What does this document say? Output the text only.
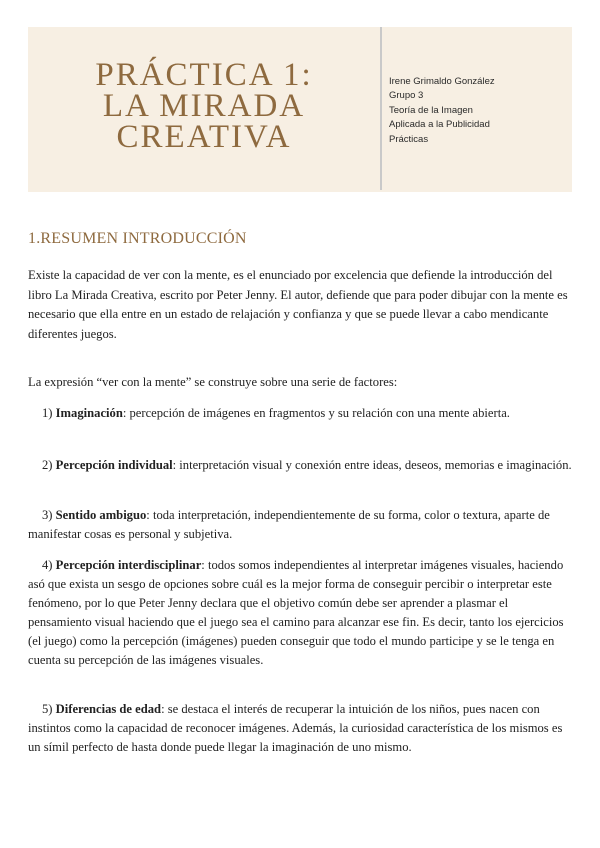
PRÁCTICA 1:
LA MIRADA
CREATIVA
Irene Grimaldo González
Grupo 3
Teoría de la Imagen
Aplicada a la Publicidad
Prácticas
1.RESUMEN INTRODUCCIÓN

Existe la capacidad de ver con la mente, es el enunciado por excelencia que defiende la introducción del libro La Mirada Creativa, escrito por Peter Jenny. El autor, defiende que para poder dibujar con la mente es necesario que ella entre en un estado de relajación y confianza y que se puede llevar a cabo mendicante diferentes juegos.

La expresión “ver con la mente” se construye sobre una serie de factores:

1) Imaginación: percepción de imágenes en fragmentos y su relación con una mente abierta.

2) Percepción individual: interpretación visual y conexión entre ideas, deseos, memorias e imaginación.

3) Sentido ambiguo: toda interpretación, independientemente de su forma, color o textura, aparte de manifestar cosas es personal y subjetiva.

4) Percepción interdisciplinar: todos somos independientes al interpretar imágenes visuales, haciendo asó que exista un sesgo de opciones sobre cuál es la mejor forma de conseguir percibir o interpretar este fenómeno, por lo que Peter Jenny declara que el objetivo común debe ser aprender a plasmar el pensamiento visual haciendo que el juego sea el camino para alcanzar ese fin. Es decir, tanto los ejercicios (el juego) como la percepción (imágenes) pueden conseguir que todo el mundo participe y se le tenga en cuenta su percepción de las imágenes visuales.

5) Diferencias de edad: se destaca el interés de recuperar la intuición de los niños, pues nacen con instintos como la capacidad de reconocer imágenes. Además, la curiosidad característica de los mismos es un símil perfecto de hasta donde puede llegar la imaginación de uno mismo.
